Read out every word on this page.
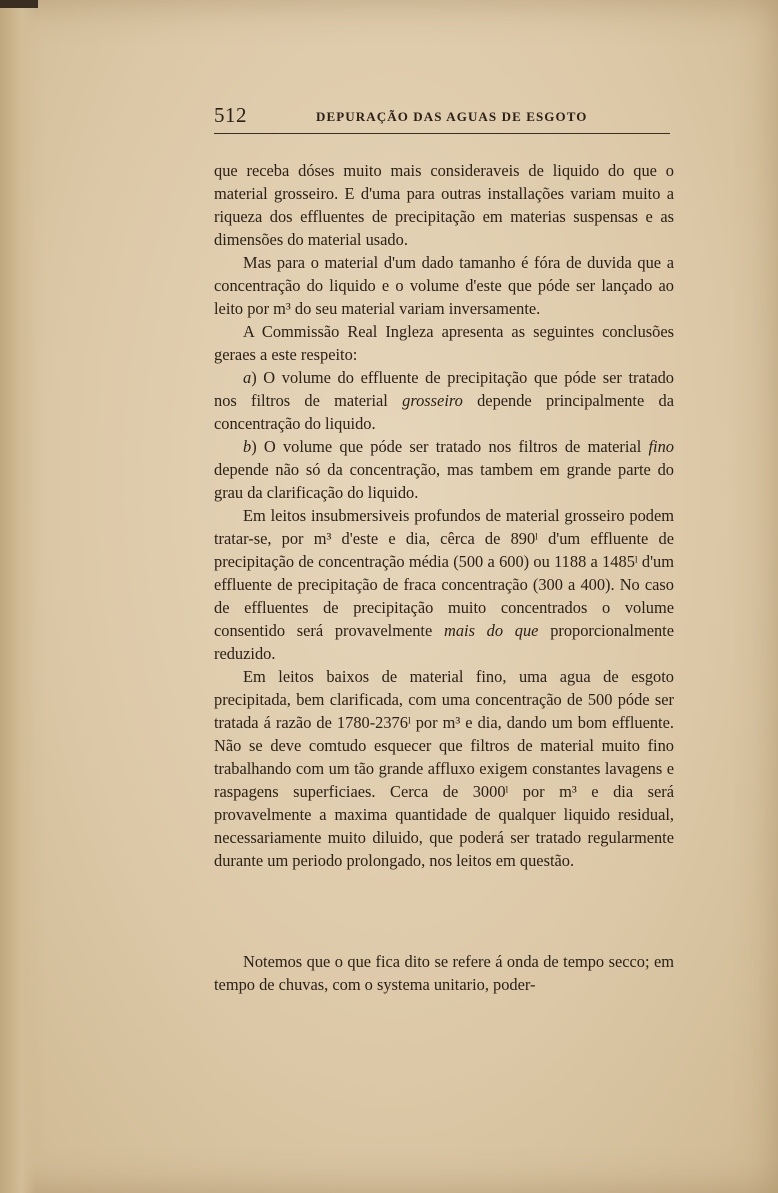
512	DEPURAÇÃO DAS AGUAS DE ESGOTO

que receba dóses muito mais consideraveis de liquido do que o material grosseiro. E d'uma para outras installações variam muito a riqueza dos effluentes de precipitação em materias suspensas e as dimensões do material usado.

Mas para o material d'um dado tamanho é fóra de duvida que a concentração do liquido e o volume d'este que póde ser lançado ao leito por m³ do seu material variam inversamente.

A Commissão Real Ingleza apresenta as seguintes conclusões geraes a este respeito:

a) O volume do effluente de precipitação que póde ser tratado nos filtros de material grosseiro depende principalmente da concentração do liquido.

b) O volume que póde ser tratado nos filtros de material fino depende não só da concentração, mas tambem em grande parte do grau da clarificação do liquido.

Em leitos insubmersiveis profundos de material grosseiro podem tratar-se, por m³ d'este e dia, cêrca de 890ˡ d'um effluente de precipitação de concentração média (500 a 600) ou 1188 a 1485ˡ d'um effluente de precipitação de fraca concentração (300 a 400). No caso de effluentes de precipitação muito concentrados o volume consentido será provavelmente mais do que proporcionalmente reduzido.

Em leitos baixos de material fino, uma agua de esgoto precipitada, bem clarificada, com uma concentração de 500 póde ser tratada á razão de 1780-2376ˡ por m³ e dia, dando um bom effluente. Não se deve comtudo esquecer que filtros de material muito fino trabalhando com um tão grande affluxo exigem constantes lavagens e raspagens superficiaes. Cerca de 3000ˡ por m³ e dia será provavelmente a maxima quantidade de qualquer liquido residual, necessariamente muito diluido, que poderá ser tratado regularmente durante um periodo prolongado, nos leitos em questão.

Notemos que o que fica dito se refere á onda de tempo secco; em tempo de chuvas, com o systema unitario, poder-
